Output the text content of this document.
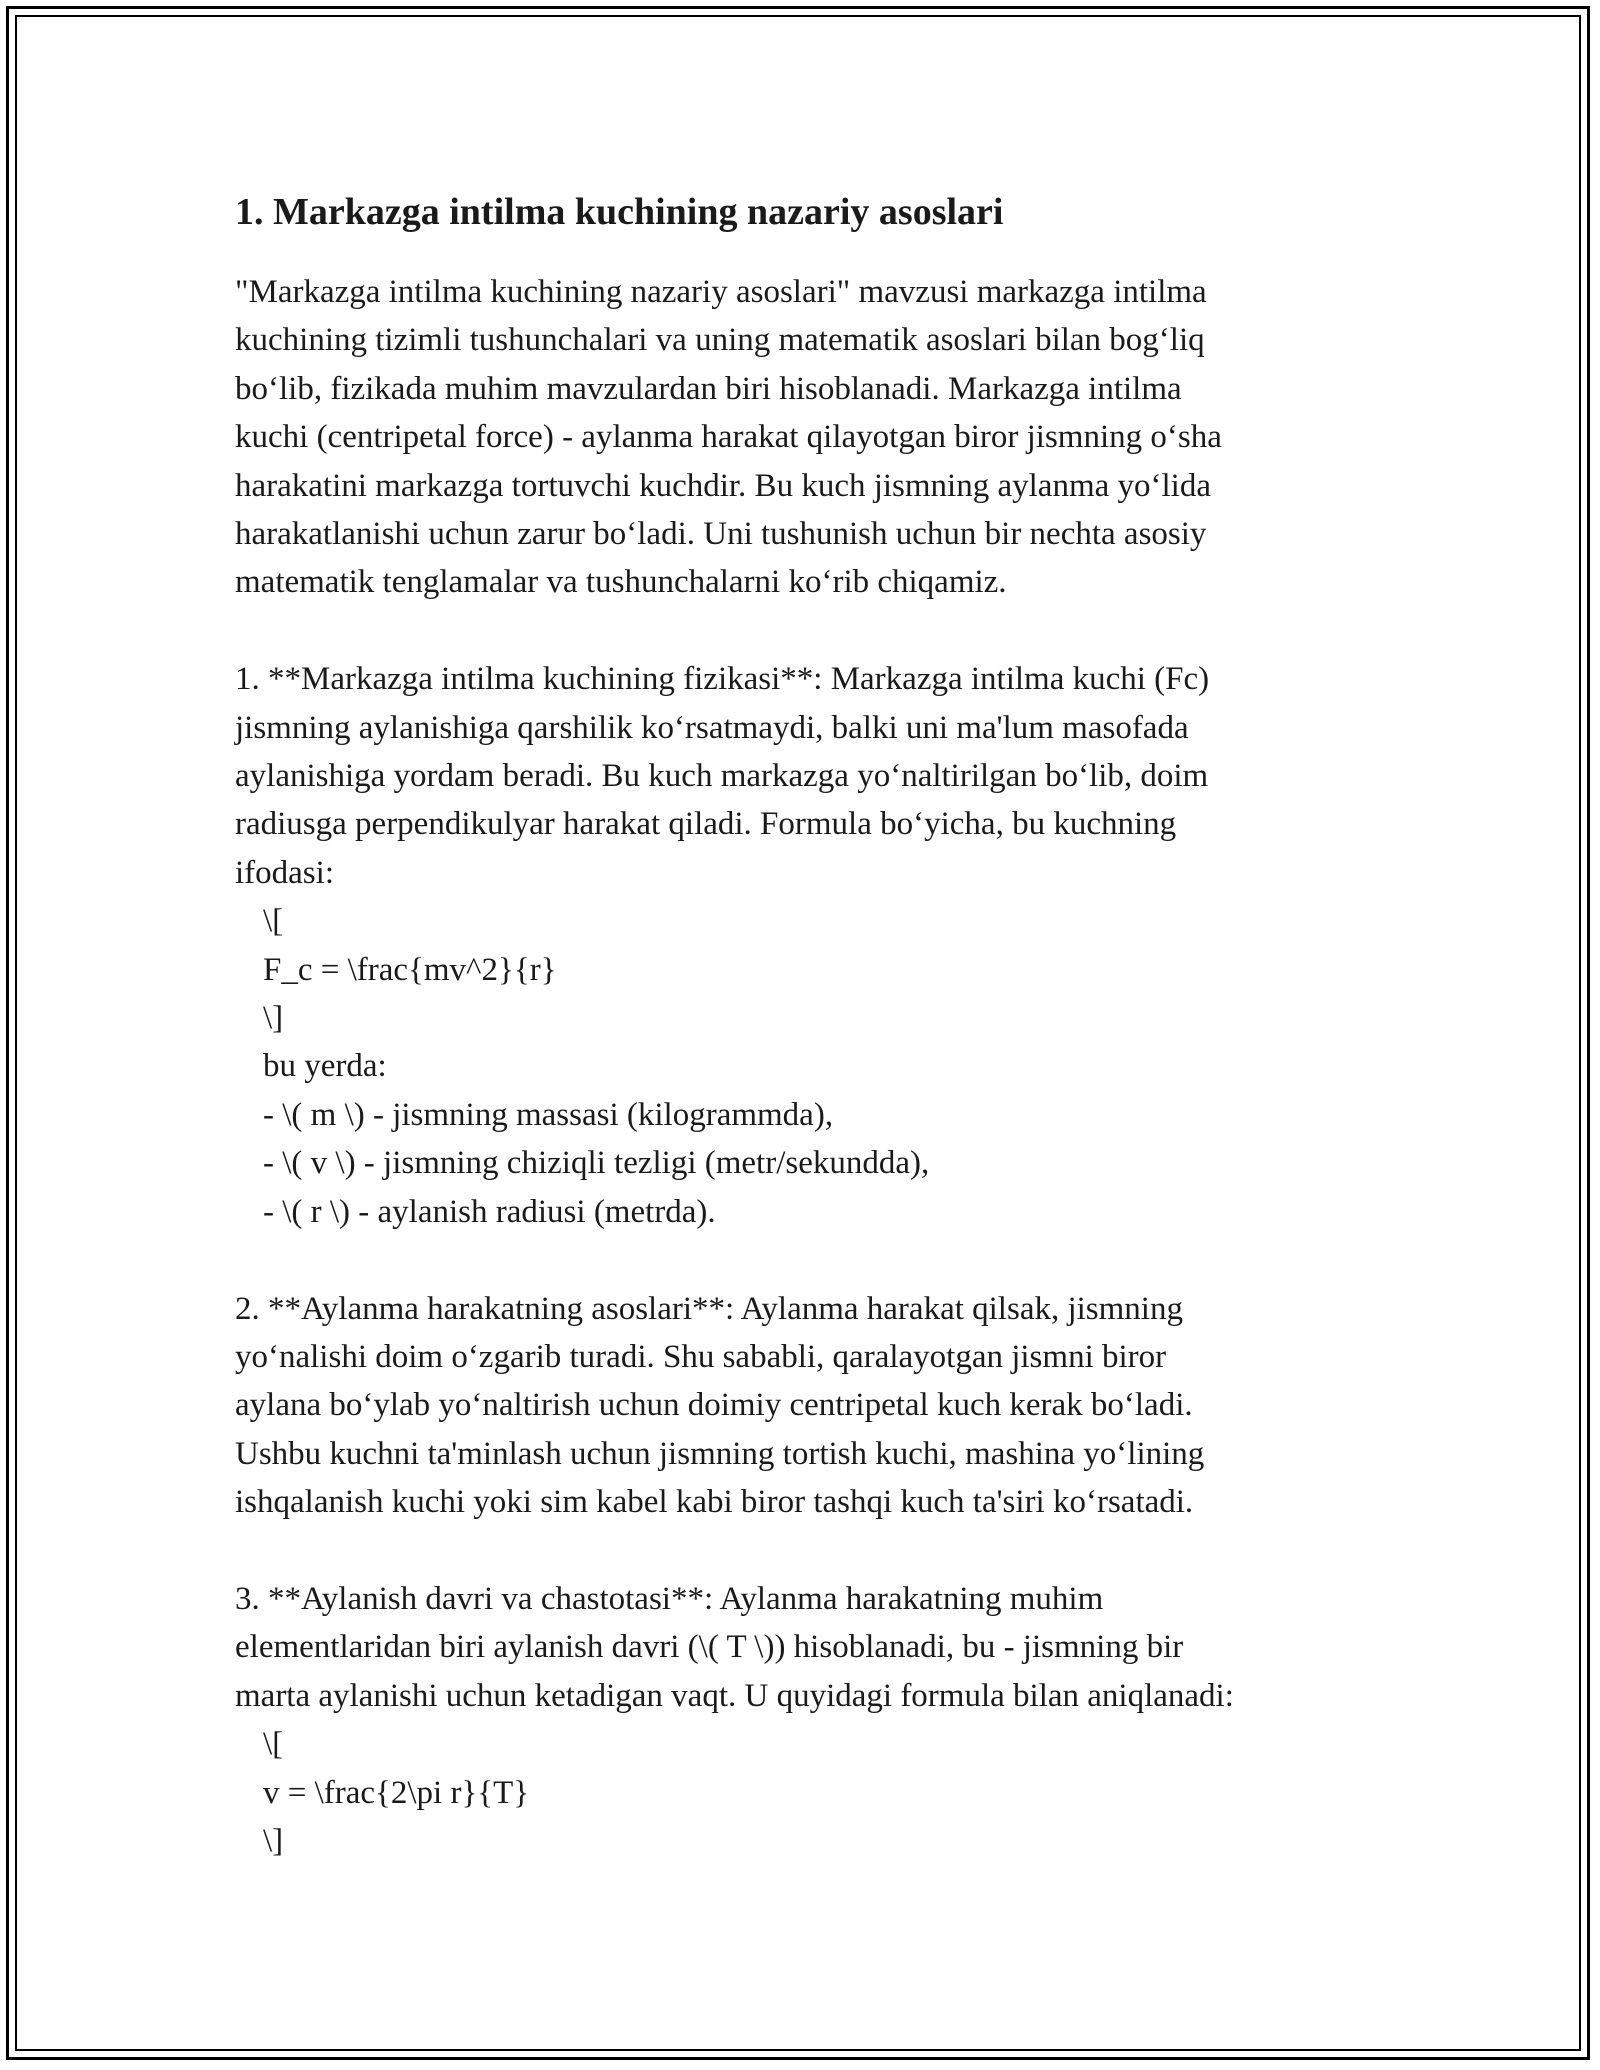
1. Markazga intilma kuchining nazariy asoslari

"Markazga intilma kuchining nazariy asoslari" mavzusi markazga intilma
kuchining tizimli tushunchalari va uning matematik asoslari bilan bog‘liq
bo‘lib, fizikada muhim mavzulardan biri hisoblanadi. Markazga intilma
kuchi (centripetal force) - aylanma harakat qilayotgan biror jismning o‘sha
harakatini markazga tortuvchi kuchdir. Bu kuch jismning aylanma yo‘lida
harakatlanishi uchun zarur bo‘ladi. Uni tushunish uchun bir nechta asosiy
matematik tenglamalar va tushunchalarni ko‘rib chiqamiz.

1. **Markazga intilma kuchining fizikasi**: Markazga intilma kuchi (Fc)
jismning aylanishiga qarshilik ko‘rsatmaydi, balki uni ma'lum masofada
aylanishiga yordam beradi. Bu kuch markazga yo‘naltirilgan bo‘lib, doim
radiusga perpendikulyar harakat qiladi. Formula bo‘yicha, bu kuchning
ifodasi:

\[
F_c = \frac{mv^2}{r}
\]
bu yerda:
- \( m \) - jismning massasi (kilogrammda),
- \( v \) - jismning chiziqli tezligi (metr/sekundda),
- \( r \) - aylanish radiusi (metrda).

2. **Aylanma harakatning asoslari**: Aylanma harakat qilsak, jismning
yo‘nalishi doim o‘zgarib turadi. Shu sababli, qaralayotgan jismni biror
aylana bo‘ylab yo‘naltirish uchun doimiy centripetal kuch kerak bo‘ladi.
Ushbu kuchni ta'minlash uchun jismning tortish kuchi, mashina yo‘lining
ishqalanish kuchi yoki sim kabel kabi biror tashqi kuch ta'siri ko‘rsatadi.

3. **Aylanish davri va chastotasi**: Aylanma harakatning muhim
elementlaridan biri aylanish davri (\( T \)) hisoblanadi, bu - jismning bir
marta aylanishi uchun ketadigan vaqt. U quyidagi formula bilan aniqlanadi:

\[
v = \frac{2\pi r}{T}
\]
